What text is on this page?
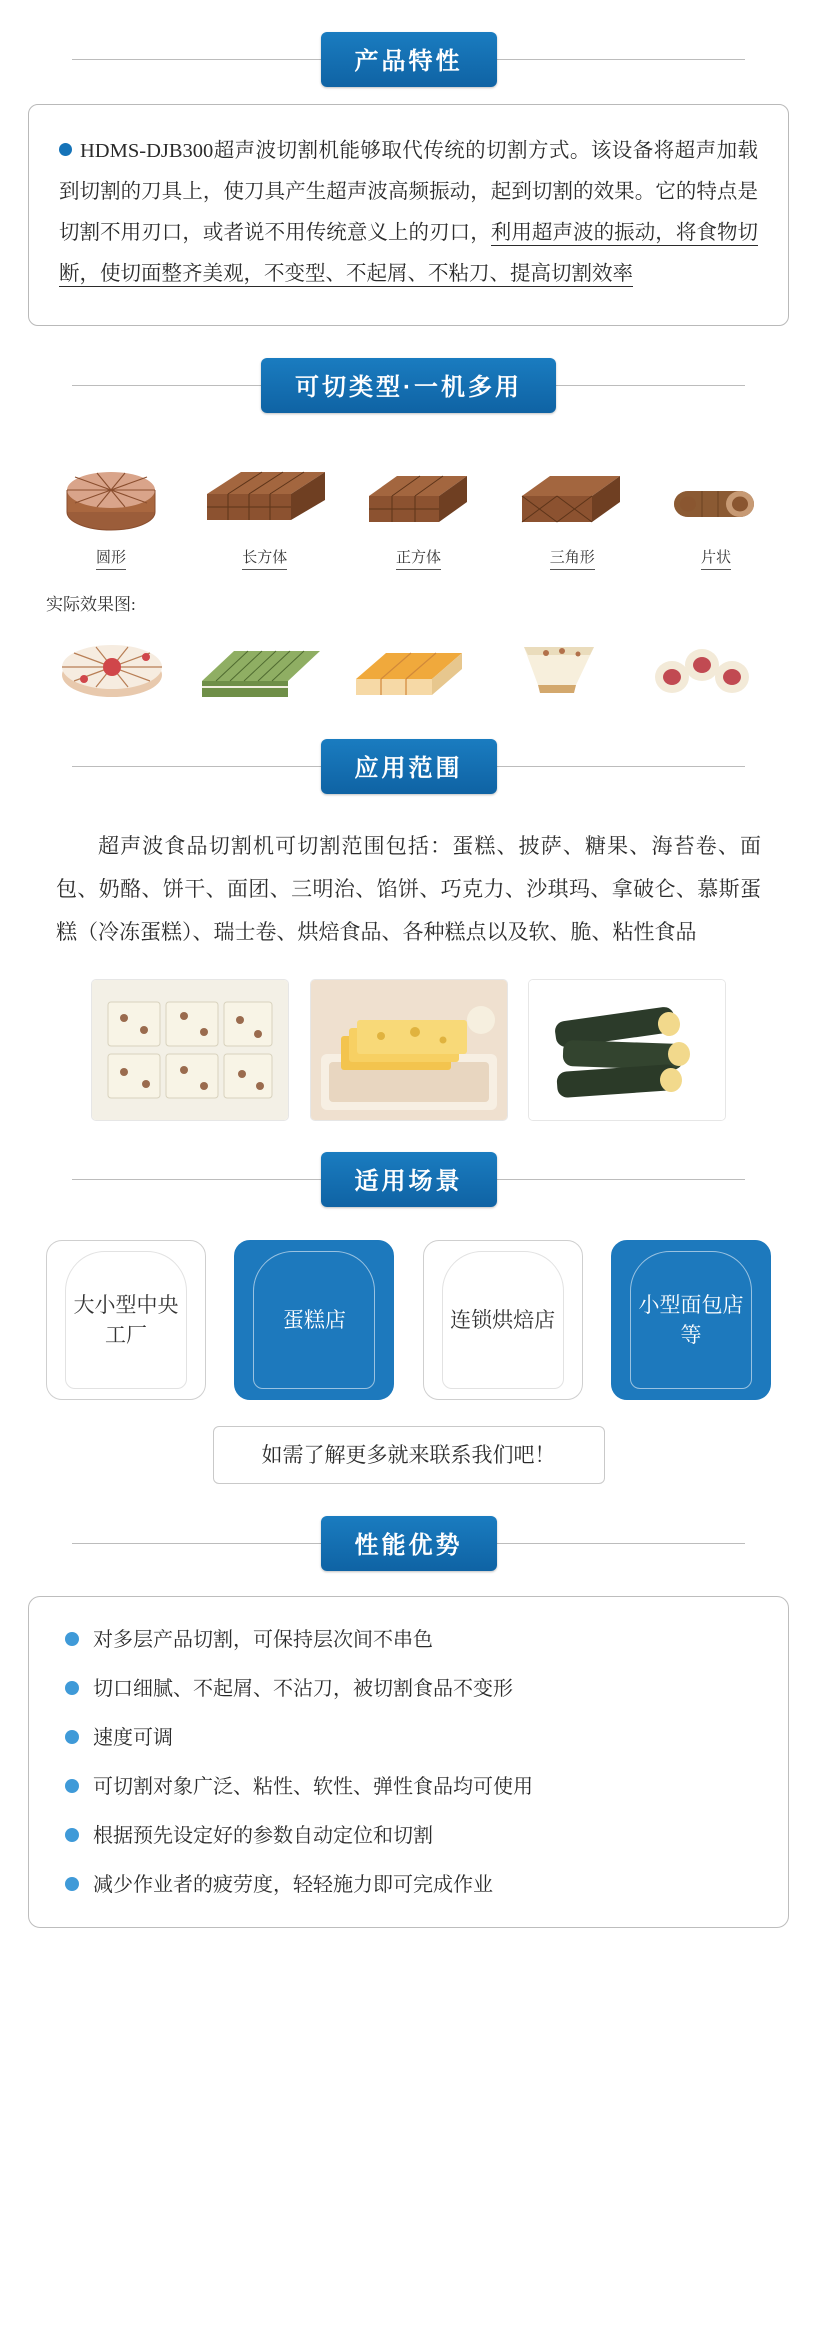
产品特性

HDMS-DJB300超声波切割机能够取代传统的切割方式。该设备将超声加载到切割的刀具上，使刀具产生超声波高频振动，起到切割的效果。它的特点是切割不用刃口，或者说不用传统意义上的刃口，利用超声波的振动，将食物切断，使切面整齐美观，不变型、不起屑、不粘刀、提高切割效率

可切类型·一机多用
圆形	长方体	正方体	三角形	片状
实际效果图:
应用范围
超声波食品切割机可切割范围包括：蛋糕、披萨、糖果、海苔卷、面包、奶酪、饼干、面团、三明治、馅饼、巧克力、沙琪玛、拿破仑、慕斯蛋糕（冷冻蛋糕）、瑞士卷、烘焙食品、各种糕点以及软、脆、粘性食品
适用场景
大小型中央工厂
蛋糕店	连锁烘焙店
小型面包店等
如需了解更多就来联系我们吧！
性能优势
对多层产品切割，可保持层次间不串色
切口细腻、不起屑、不沾刀，被切割食品不变形
速度可调
可切割对象广泛、粘性、软性、弹性食品均可使用
根据预先设定好的参数自动定位和切割
减少作业者的疲劳度，轻轻施力即可完成作业
